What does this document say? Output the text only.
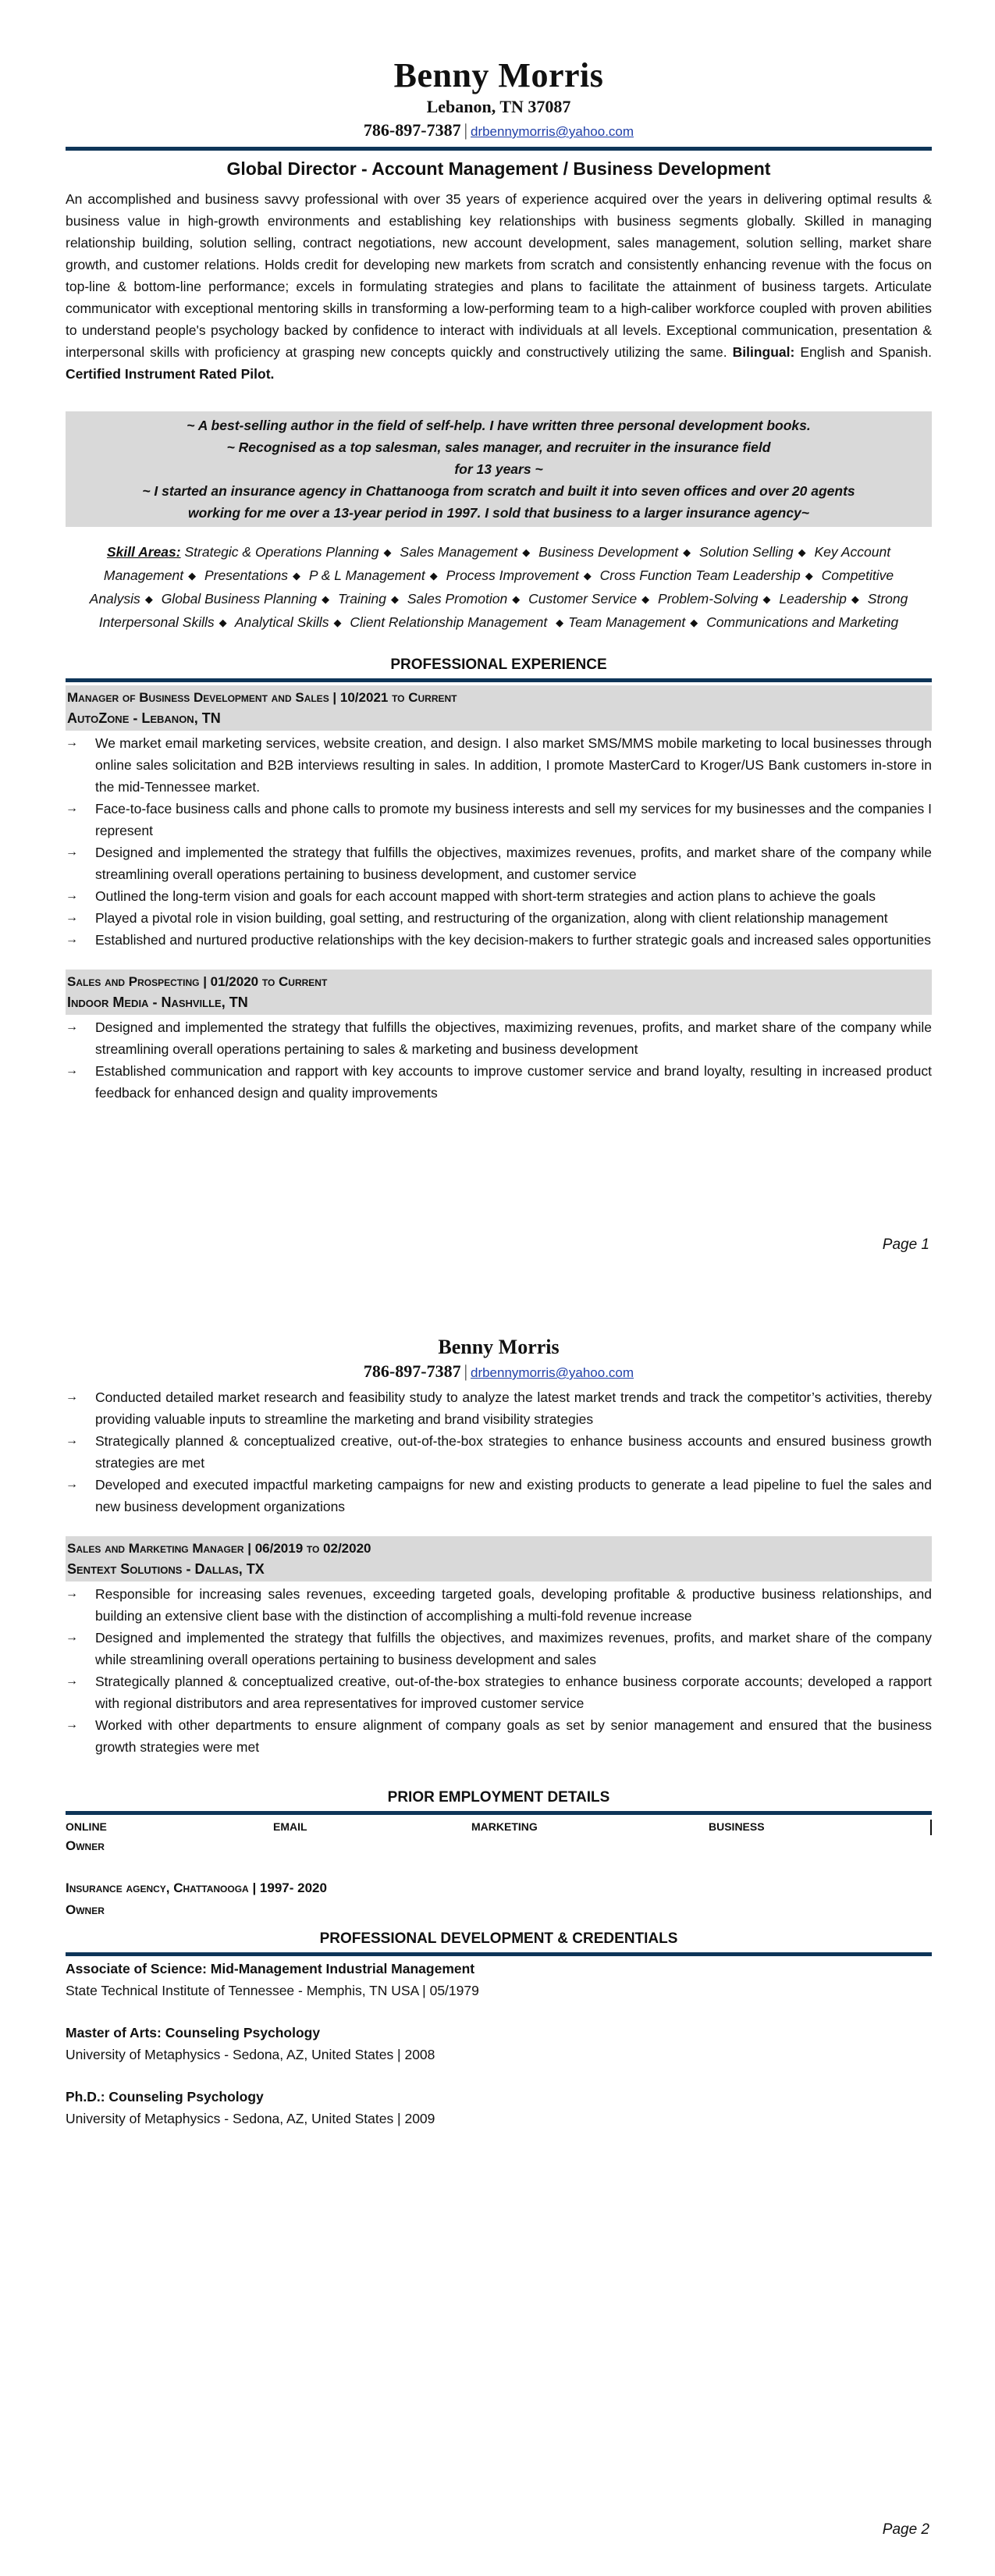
Benny Morris
Lebanon, TN 37087
786-897-7387 | drbennymorris@yahoo.com
Global Director - Account Management / Business Development

An accomplished and business savvy professional with over 35 years of experience acquired over the years in delivering optimal results & business value in high-growth environments and establishing key relationships with business segments globally. Skilled in managing relationship building, solution selling, contract negotiations, new account development, sales management, solution selling, market share growth, and customer relations. Holds credit for developing new markets from scratch and consistently enhancing revenue with the focus on top-line & bottom-line performance; excels in formulating strategies and plans to facilitate the attainment of business targets. Articulate communicator with exceptional mentoring skills in transforming a low-performing team to a high-caliber workforce coupled with proven abilities to understand people's psychology backed by confidence to interact with individuals at all levels. Exceptional communication, presentation & interpersonal skills with proficiency at grasping new concepts quickly and constructively utilizing the same. Bilingual: English and Spanish. Certified Instrument Rated Pilot.

~ A best-selling author in the field of self-help. I have written three personal development books.
~ Recognised as a top salesman, sales manager, and recruiter in the insurance field
for 13 years ~
~ I started an insurance agency in Chattanooga from scratch and built it into seven offices and over 20 agents
working for me over a 13-year period in 1997. I sold that business to a larger insurance agency~
Skill Areas: Strategic & Operations Planning ◆ Sales Management ◆ Business Development ◆ Solution Selling ◆ Key Account Management ◆ Presentations ◆ P & L Management ◆ Process Improvement ◆ Cross Function Team Leadership ◆ Competitive Analysis ◆ Global Business Planning ◆ Training ◆ Sales Promotion ◆ Customer Service ◆ Problem-Solving ◆ Leadership ◆ Strong Interpersonal Skills ◆ Analytical Skills ◆ Client Relationship Management ◆ Team Management ◆ Communications and Marketing
PROFESSIONAL EXPERIENCE
Manager of Business Development and Sales | 10/2021 to Current
AutoZone - Lebanon, TN
→	We market email marketing services, website creation, and design. I also market SMS/MMS mobile marketing to local businesses through online sales solicitation and B2B interviews resulting in sales. In addition, I promote MasterCard to Kroger/US Bank customers in-store in the mid-Tennessee market.
→	Face-to-face business calls and phone calls to promote my business interests and sell my services for my businesses and the companies I represent
→	Designed and implemented the strategy that fulfills the objectives, maximizes revenues, profits, and market share of the company while streamlining overall operations pertaining to business development, and customer service
→	Outlined the long-term vision and goals for each account mapped with short-term strategies and action plans to achieve the goals
→	Played a pivotal role in vision building, goal setting, and restructuring of the organization, along with client relationship management
→	Established and nurtured productive relationships with the key decision-makers to further strategic goals and increased sales opportunities
Sales and Prospecting | 01/2020 to Current
Indoor Media - Nashville, TN
→	Designed and implemented the strategy that fulfills the objectives, maximizing revenues, profits, and market share of the company while streamlining overall operations pertaining to sales & marketing and business development
→	Established communication and rapport with key accounts to improve customer service and brand loyalty, resulting in increased product feedback for enhanced design and quality improvements
Page 1
Benny Morris
786-897-7387 | drbennymorris@yahoo.com
→	Conducted detailed market research and feasibility study to analyze the latest market trends and track the competitor’s activities, thereby providing valuable inputs to streamline the marketing and brand visibility strategies
→	Strategically planned & conceptualized creative, out-of-the-box strategies to enhance business accounts and ensured business growth strategies are met
→	Developed and executed impactful marketing campaigns for new and existing products to generate a lead pipeline to fuel the sales and new business development organizations
Sales and Marketing Manager | 06/2019 to 02/2020
Sentext Solutions - Dallas, TX
→	Responsible for increasing sales revenues, exceeding targeted goals, developing profitable & productive business relationships, and building an extensive client base with the distinction of accomplishing a multi-fold revenue increase
→	Designed and implemented the strategy that fulfills the objectives, and maximizes revenues, profits, and market share of the company while streamlining overall operations pertaining to business development and sales
→	Strategically planned & conceptualized creative, out-of-the-box strategies to enhance business corporate accounts; developed a rapport with regional distributors and area representatives for improved customer service
→	Worked with other departments to ensure alignment of company goals as set by senior management and ensured that the business growth strategies were met
PRIOR EMPLOYMENT DETAILS
ONLINE	EMAIL	MARKETING	BUSINESS
Owner
Insurance agency, Chattanooga | 1997- 2020
Owner
PROFESSIONAL DEVELOPMENT & CREDENTIALS
Associate of Science: Mid-Management Industrial Management
State Technical Institute of Tennessee - Memphis, TN USA | 05/1979
Master of Arts: Counseling Psychology
University of Metaphysics - Sedona, AZ, United States | 2008
Ph.D.: Counseling Psychology
University of Metaphysics - Sedona, AZ, United States | 2009
Page 2
